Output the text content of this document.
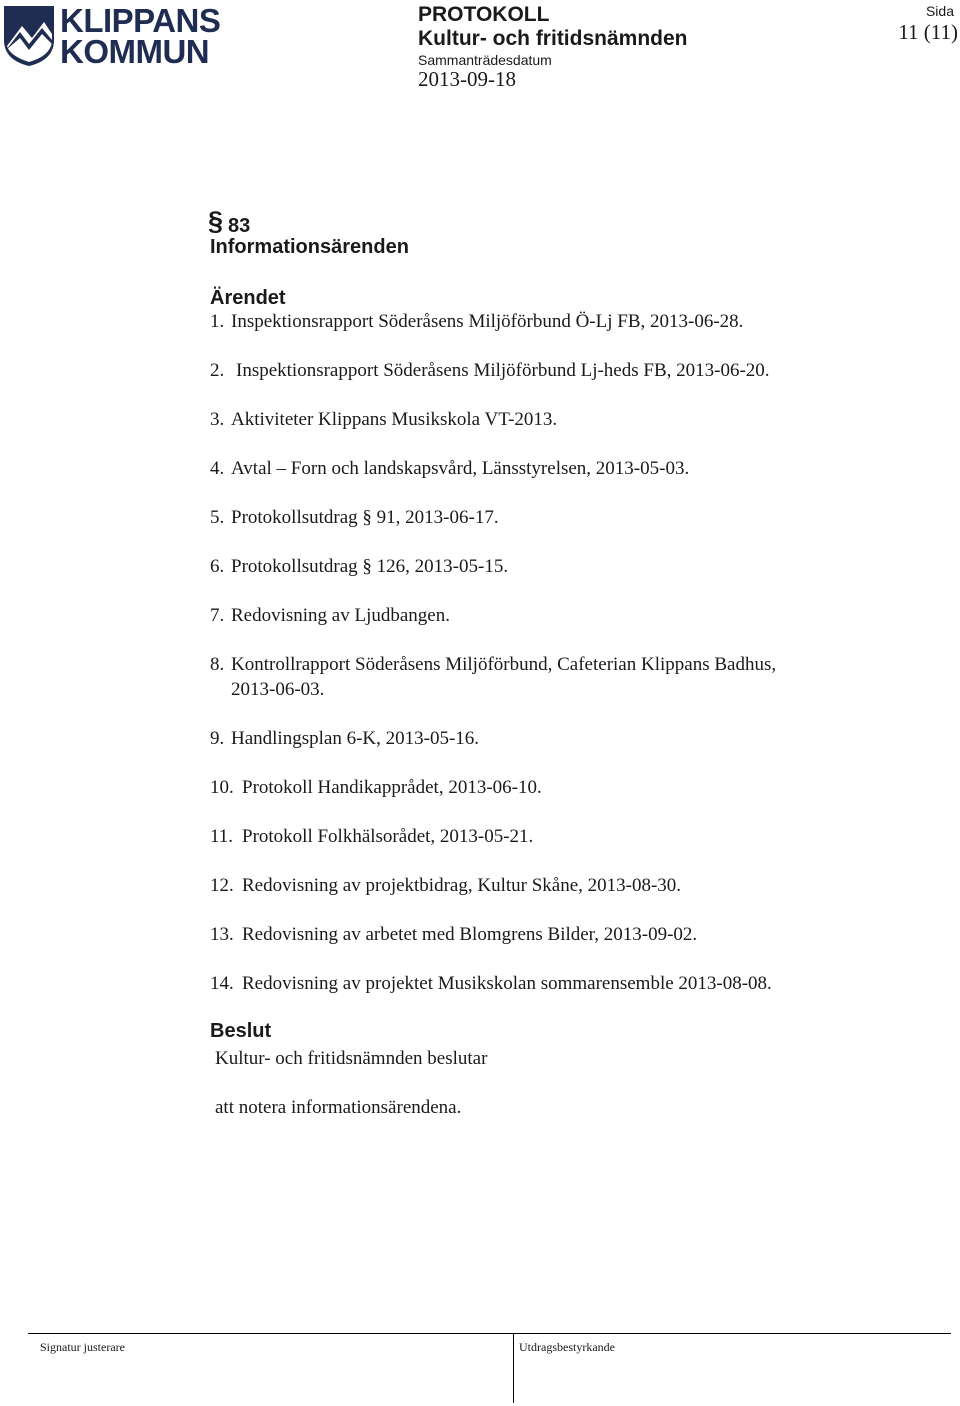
KLIPPANS
KOMMUN
PROTOKOLL
Kultur- och fritidsnämnden
Sammanträdesdatum
2013-09-18
Sida
11 (11)
§ 83
Informationsärenden
Ärendet
1. Inspektionsrapport Söderåsens Miljöförbund Ö-Lj FB, 2013-06-28.
2. Inspektionsrapport Söderåsens Miljöförbund Lj-heds FB, 2013-06-20.
3. Aktiviteter Klippans Musikskola VT-2013.
4. Avtal – Forn och landskapsvård, Länsstyrelsen, 2013-05-03.
5. Protokollsutdrag § 91, 2013-06-17.
6. Protokollsutdrag § 126, 2013-05-15.
7. Redovisning av Ljudbangen.
8. Kontrollrapport Söderåsens Miljöförbund, Cafeterian Klippans Badhus,
2013-06-03.
9. Handlingsplan 6-K, 2013-05-16.
10. Protokoll Handikapprådet, 2013-06-10.
11. Protokoll Folkhälsorådet, 2013-05-21.
12. Redovisning av projektbidrag, Kultur Skåne, 2013-08-30.
13. Redovisning av arbetet med Blomgrens Bilder, 2013-09-02.
14. Redovisning av projektet Musikskolan sommarensemble 2013-08-08.
Beslut
Kultur- och fritidsnämnden beslutar
att notera informationsärendena.
Signatur justerare	Utdragsbestyrkande
